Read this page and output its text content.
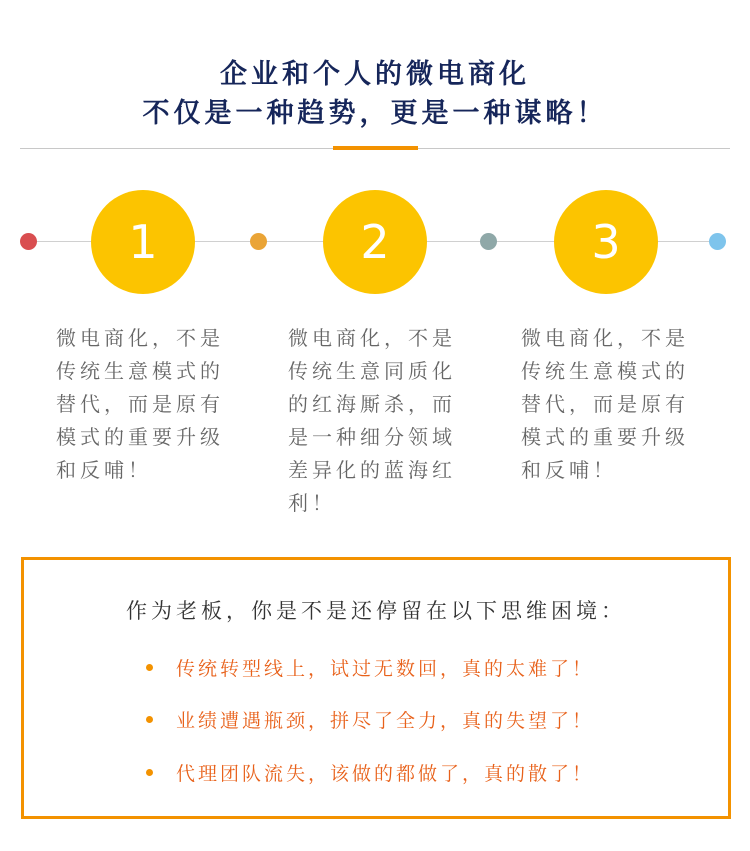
企业和个人的微电商化
不仅是一种趋势，更是一种谋略！
1	2	3
微电商化，不是传统生意模式的替代，而是原有模式的重要升级和反哺！
微电商化，不是传统生意同质化的红海厮杀，而是一种细分领域差异化的蓝海红利！
微电商化，不是传统生意模式的替代，而是原有模式的重要升级和反哺！
作为老板，你是不是还停留在以下思维困境：
传统转型线上，试过无数回，真的太难了！
业绩遭遇瓶颈，拼尽了全力，真的失望了！
代理团队流失，该做的都做了，真的散了！
